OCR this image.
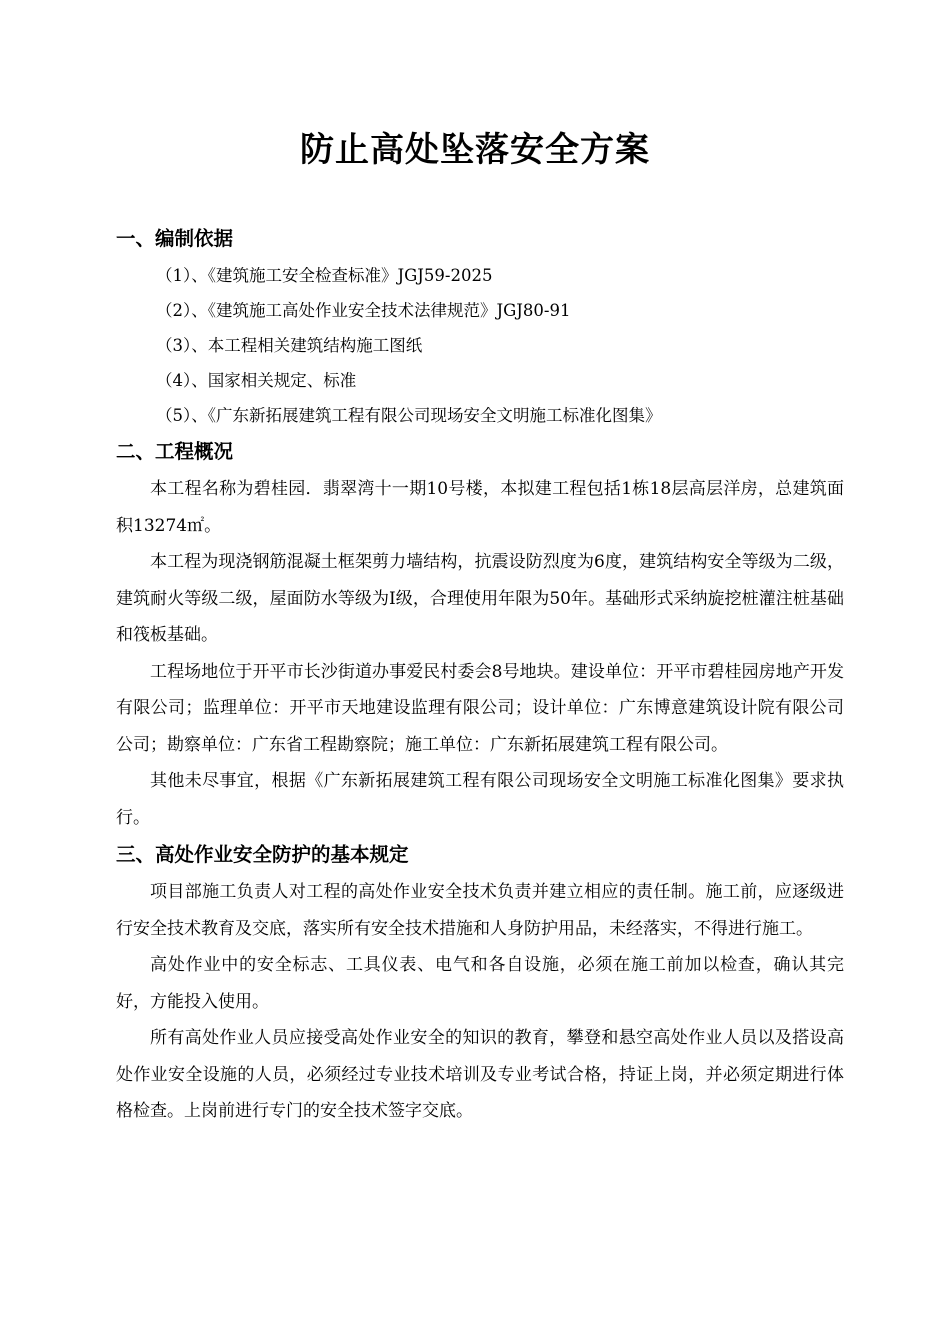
防止高处坠落安全方案

一、编制依据

（1）、《建筑施工安全检查标准》JGJ59-2025

（2）、《建筑施工高处作业安全技术法律规范》JGJ80-91

（3）、本工程相关建筑结构施工图纸

（4）、国家相关规定、标准

（5）、《广东新拓展建筑工程有限公司现场安全文明施工标准化图集》

二、工程概况

本工程名称为碧桂园．翡翠湾十一期10号楼，本拟建工程包括1栋18层高层洋房，总建筑面积13274㎡。

本工程为现浇钢筋混凝土框架剪力墙结构，抗震设防烈度为6度，建筑结构安全等级为二级，建筑耐火等级二级，屋面防水等级为I级，合理使用年限为50年。基础形式采纳旋挖桩灌注桩基础和筏板基础。

工程场地位于开平市长沙街道办事爱民村委会8号地块。建设单位：开平市碧桂园房地产开发有限公司；监理单位：开平市天地建设监理有限公司；设计单位：广东博意建筑设计院有限公司公司；勘察单位：广东省工程勘察院；施工单位：广东新拓展建筑工程有限公司。

其他未尽事宜，根据《广东新拓展建筑工程有限公司现场安全文明施工标准化图集》要求执行。

三、高处作业安全防护的基本规定

项目部施工负责人对工程的高处作业安全技术负责并建立相应的责任制。施工前，应逐级进行安全技术教育及交底，落实所有安全技术措施和人身防护用品，未经落实，不得进行施工。

高处作业中的安全标志、工具仪表、电气和各自设施，必须在施工前加以检查，确认其完好，方能投入使用。

所有高处作业人员应接受高处作业安全的知识的教育，攀登和悬空高处作业人员以及搭设高处作业安全设施的人员，必须经过专业技术培训及专业考试合格，持证上岗，并必须定期进行体格检查。上岗前进行专门的安全技术签字交底。
